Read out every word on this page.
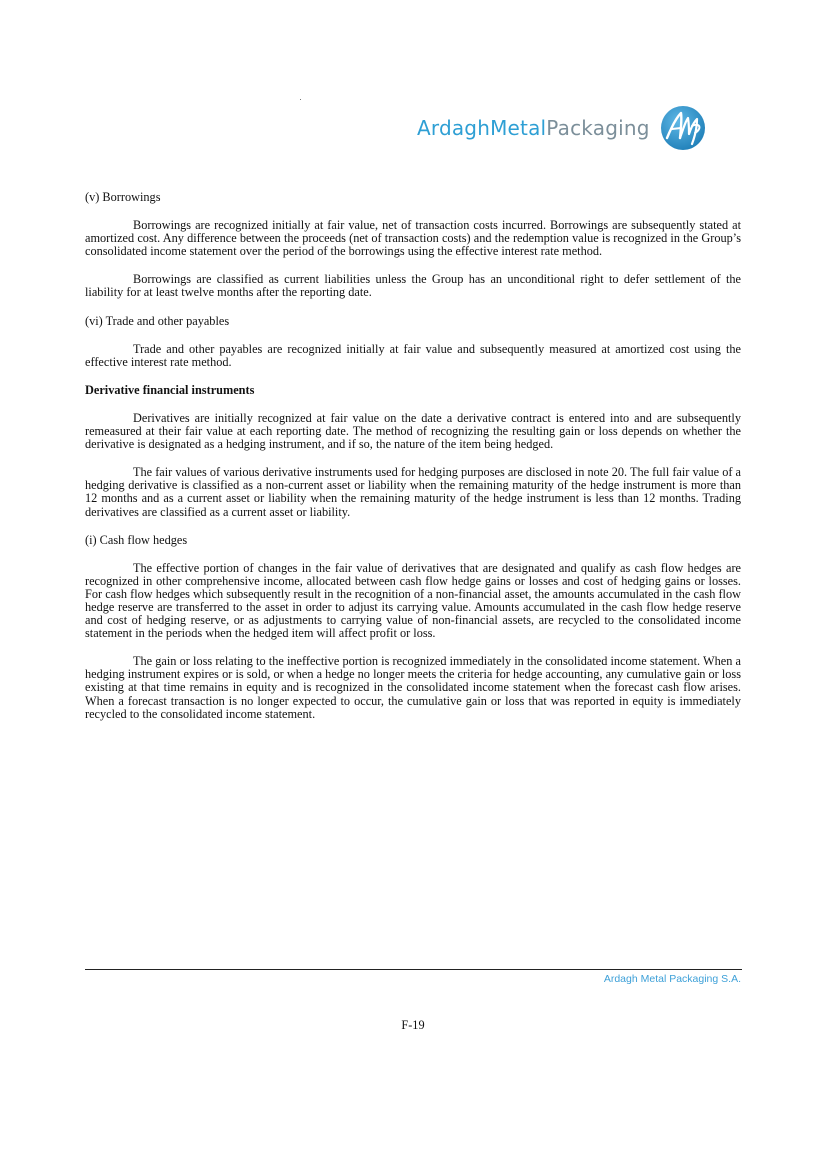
ArdaghMetalPackaging

(v) Borrowings

Borrowings are recognized initially at fair value, net of transaction costs incurred. Borrowings are subsequently stated at amortized cost. Any difference between the proceeds (net of transaction costs) and the redemption value is recognized in the Group’s consolidated income statement over the period of the borrowings using the effective interest rate method.

Borrowings are classified as current liabilities unless the Group has an unconditional right to defer settlement of the liability for at least twelve months after the reporting date.

(vi) Trade and other payables

Trade and other payables are recognized initially at fair value and subsequently measured at amortized cost using the effective interest rate method.

Derivative financial instruments

Derivatives are initially recognized at fair value on the date a derivative contract is entered into and are subsequently remeasured at their fair value at each reporting date. The method of recognizing the resulting gain or loss depends on whether the derivative is designated as a hedging instrument, and if so, the nature of the item being hedged.

The fair values of various derivative instruments used for hedging purposes are disclosed in note 20. The full fair value of a hedging derivative is classified as a non-current asset or liability when the remaining maturity of the hedge instrument is more than 12 months and as a current asset or liability when the remaining maturity of the hedge instrument is less than 12 months. Trading derivatives are classified as a current asset or liability.

(i) Cash flow hedges

The effective portion of changes in the fair value of derivatives that are designated and qualify as cash flow hedges are recognized in other comprehensive income, allocated between cash flow hedge gains or losses and cost of hedging gains or losses. For cash flow hedges which subsequently result in the recognition of a non-financial asset, the amounts accumulated in the cash flow hedge reserve are transferred to the asset in order to adjust its carrying value. Amounts accumulated in the cash flow hedge reserve and cost of hedging reserve, or as adjustments to carrying value of non-financial assets, are recycled to the consolidated income statement in the periods when the hedged item will affect profit or loss.

The gain or loss relating to the ineffective portion is recognized immediately in the consolidated income statement. When a hedging instrument expires or is sold, or when a hedge no longer meets the criteria for hedge accounting, any cumulative gain or loss existing at that time remains in equity and is recognized in the consolidated income statement when the forecast cash flow arises. When a forecast transaction is no longer expected to occur, the cumulative gain or loss that was reported in equity is immediately recycled to the consolidated income statement.

Ardagh Metal Packaging S.A.
F-19
